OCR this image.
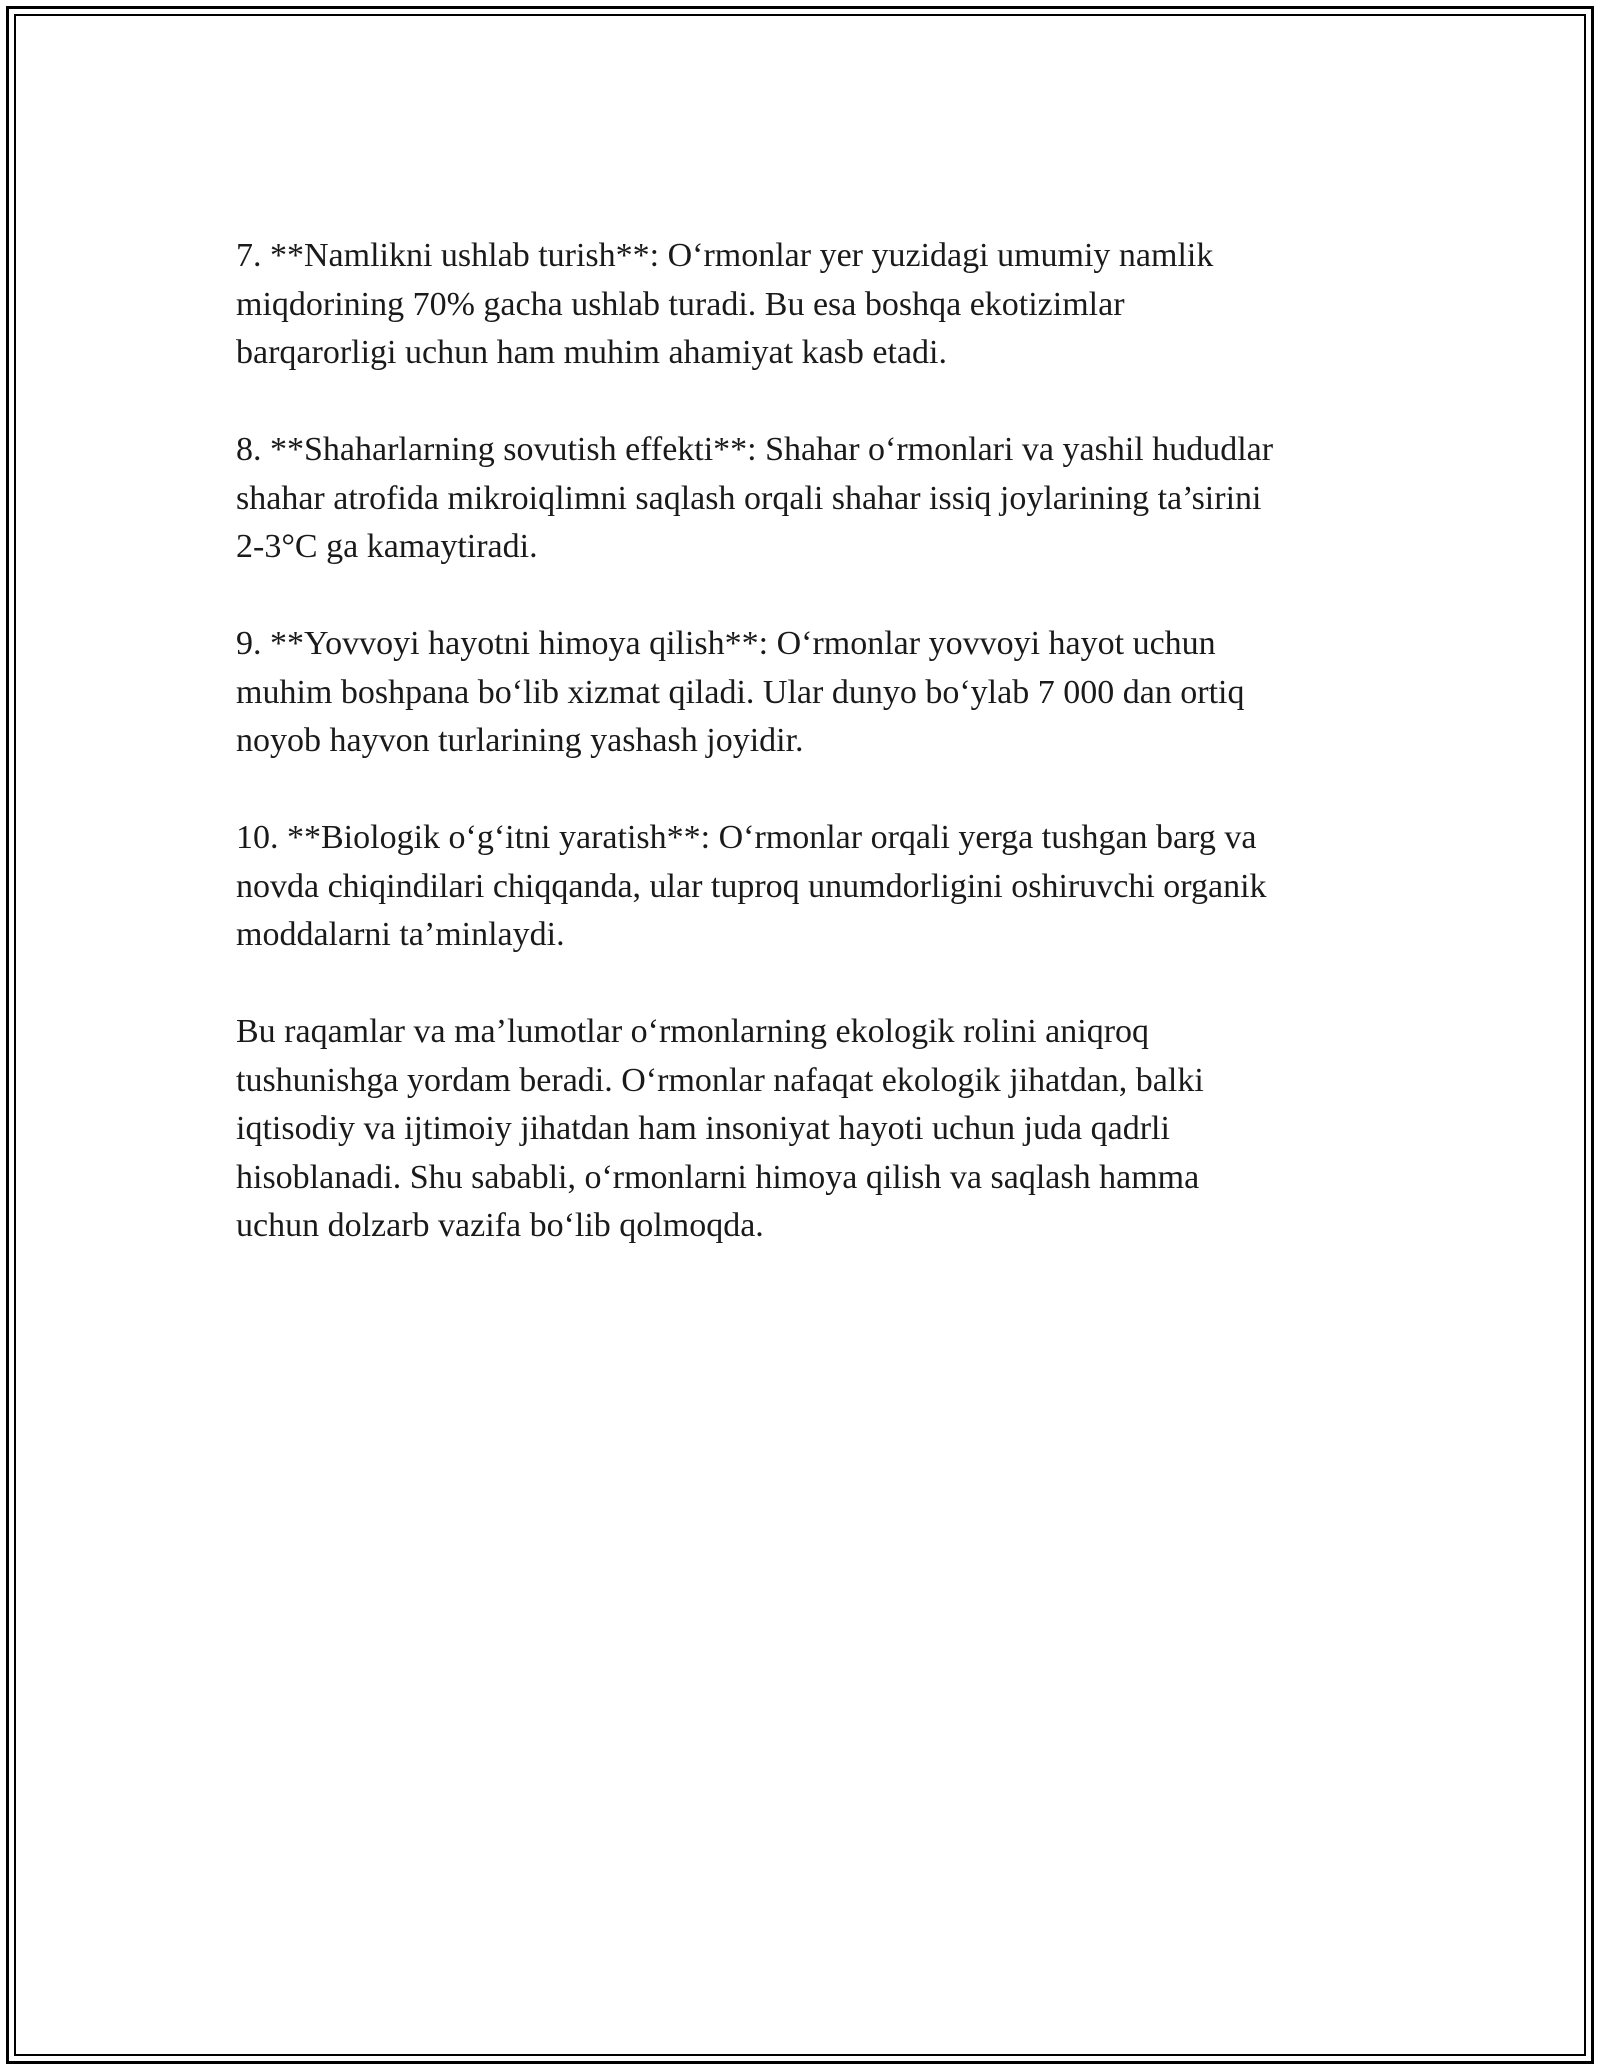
7. **Namlikni ushlab turish**: O‘rmonlar yer yuzidagi umumiy namlik
miqdorining 70% gacha ushlab turadi. Bu esa boshqa ekotizimlar
barqarorligi uchun ham muhim ahamiyat kasb etadi.

8. **Shaharlarning sovutish effekti**: Shahar o‘rmonlari va yashil hududlar
shahar atrofida mikroiqlimni saqlash orqali shahar issiq joylarining ta’sirini
2-3°C ga kamaytiradi.

9. **Yovvoyi hayotni himoya qilish**: O‘rmonlar yovvoyi hayot uchun
muhim boshpana bo‘lib xizmat qiladi. Ular dunyo bo‘ylab 7 000 dan ortiq
noyob hayvon turlarining yashash joyidir.

10. **Biologik o‘g‘itni yaratish**: O‘rmonlar orqali yerga tushgan barg va
novda chiqindilari chiqqanda, ular tuproq unumdorligini oshiruvchi organik
moddalarni ta’minlaydi.

Bu raqamlar va ma’lumotlar o‘rmonlarning ekologik rolini aniqroq
tushunishga yordam beradi. O‘rmonlar nafaqat ekologik jihatdan, balki
iqtisodiy va ijtimoiy jihatdan ham insoniyat hayoti uchun juda qadrli
hisoblanadi. Shu sababli, o‘rmonlarni himoya qilish va saqlash hamma
uchun dolzarb vazifa bo‘lib qolmoqda.
